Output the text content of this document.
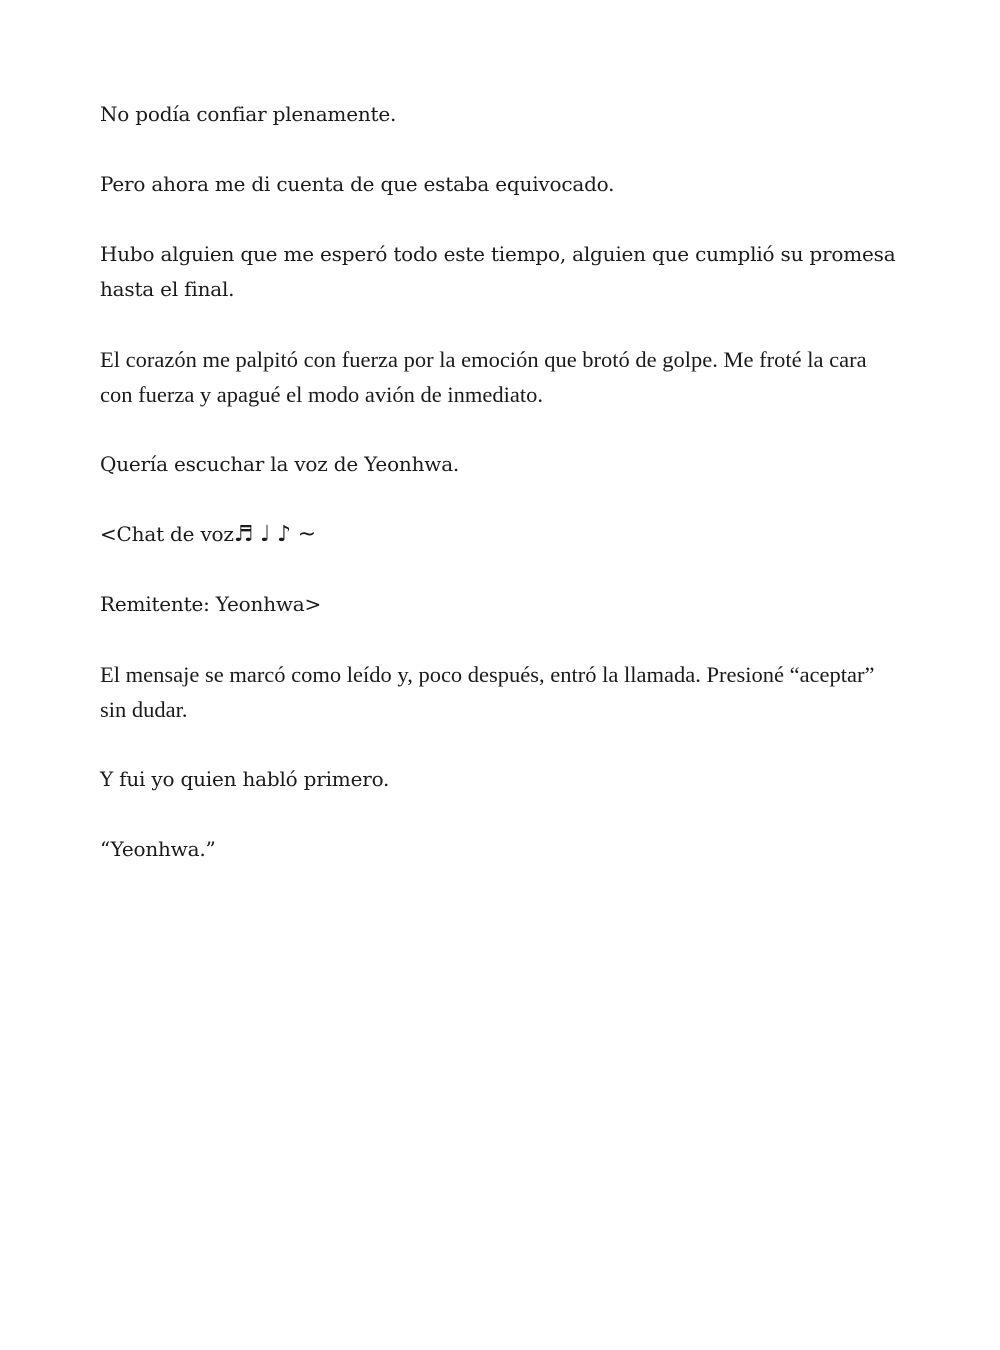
No podía confiar plenamente.

Pero ahora me di cuenta de que estaba equivocado.

Hubo alguien que me esperó todo este tiempo, alguien que cumplió su promesa hasta el final.

El corazón me palpitó con fuerza por la emoción que brotó de golpe. Me froté la cara con fuerza y apagué el modo avión de inmediato.

Quería escuchar la voz de Yeonhwa.

<Chat de voz♬ ♩ ♪ ~

Remitente: Yeonhwa>

El mensaje se marcó como leído y, poco después, entró la llamada. Presioné “aceptar” sin dudar.

Y fui yo quien habló primero.

“Yeonhwa.”
